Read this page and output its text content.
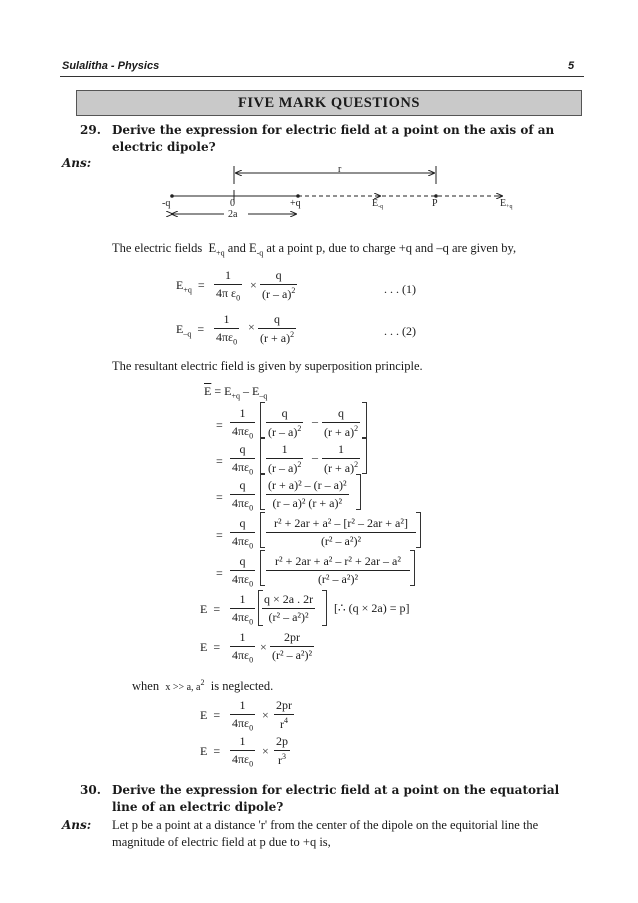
Sulalitha - Physics	5
FIVE MARK QUESTIONS
29. Derive the expression for electric field at a point on the axis of an electric dipole?
Ans:	r
-q	0	+q	$E_{-q}$	P	$E_{+q}$
2a
The electric fields  $E_{+q}$ and $E_{-q}$ at a point p, due to charge +q and –q are given by,
$E_{+q} = \frac{1}{4\pi \varepsilon_0} \times \frac{q}{(r - a)^2}$	. . . (1)
$E_{-q} = \frac{1}{4\pi\varepsilon_0} \times \frac{q}{(r + a)^2}$	. . . (2)
The resultant electric field is given by superposition principle.
$\overline{E} = E_{+q} - E_{-q}$
= $\frac{1}{4\pi\varepsilon_0} \frac{q}{(r - a)^2} - \frac{q}{(r + a)^2}$
= $\frac{q}{4\pi\varepsilon_0} \frac{1}{(r - a)^2} - \frac{1}{(r + a)^2}$
= $\frac{q}{4\pi\varepsilon_0} \frac{\text{(r + a)² – (r – a)²}}{\text{(r – a)² (r + a)²}}$
= $\frac{q}{4\pi\varepsilon_0} \frac{\text{r² + 2ar + a² – [r² – 2ar + a²]}}{\text{(r² – a²)²}}$
= $\frac{q}{4\pi\varepsilon_0} \frac{\text{r² + 2ar + a² – r² + 2ar – a²}}{\text{(r² – a²)²}}$
$E = \frac{1}{4\pi\varepsilon_0} \frac{q \times 2a . 2r}{\text{(r² – a²)²}}$ [∴ (q × 2a) = p]
$E = \frac{1}{4\pi\varepsilon_0} \times \frac{2pr}{\text{(r² – a²)²}}$
when x >> a, $a^2$ is neglected.
$E = \frac{1}{4\pi\varepsilon_0} \times \frac{2pr}{r^4}$
$E = \frac{1}{4\pi\varepsilon_0} \times \frac{2p}{r^3}$
30. Derive the expression for electric field at a point on the equatorial line of an electric dipole?
Ans: Let p be a point at a distance 'r' from the center of the dipole on the equitorial line the magnitude of electric field at p due to +q is,
